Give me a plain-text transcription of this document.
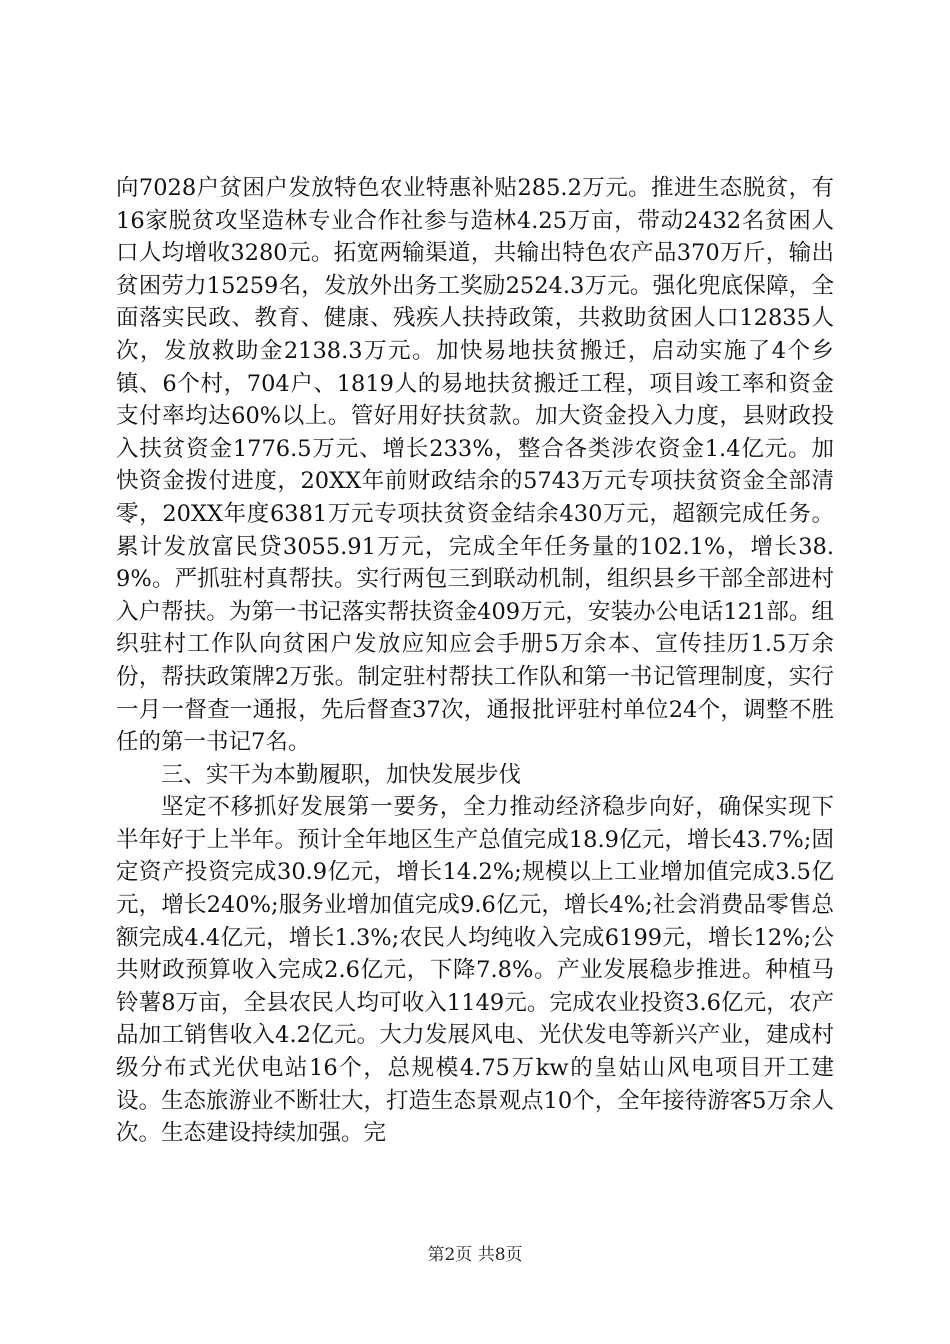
向7028户贫困户发放特色农业特惠补贴285.2万元。推进生态脱贫，有16家脱贫攻坚造林专业合作社参与造林4.25万亩，带动2432名贫困人口人均增收3280元。拓宽两输渠道，共输出特色农产品370万斤，输出贫困劳力15259名，发放外出务工奖励2524.3万元。强化兜底保障，全面落实民政、教育、健康、残疾人扶持政策，共救助贫困人口12835人次，发放救助金2138.3万元。加快易地扶贫搬迁，启动实施了4个乡镇、6个村，704户、1819人的易地扶贫搬迁工程，项目竣工率和资金支付率均达60%以上。管好用好扶贫款。加大资金投入力度，县财政投入扶贫资金1776.5万元、增长233%，整合各类涉农资金1.4亿元。加快资金拨付进度，20XX年前财政结余的5743万元专项扶贫资金全部清零，20XX年度6381万元专项扶贫资金结余430万元，超额完成任务。累计发放富民贷3055.91万元，完成全年任务量的102.1%，增长38.9%。严抓驻村真帮扶。实行两包三到联动机制，组织县乡干部全部进村入户帮扶。为第一书记落实帮扶资金409万元，安装办公电话121部。组织驻村工作队向贫困户发放应知应会手册5万余本、宣传挂历1.5万余份，帮扶政策牌2万张。制定驻村帮扶工作队和第一书记管理制度，实行一月一督查一通报，先后督查37次，通报批评驻村单位24个，调整不胜任的第一书记7名。

三、实干为本勤履职，加快发展步伐

坚定不移抓好发展第一要务，全力推动经济稳步向好，确保实现下半年好于上半年。预计全年地区生产总值完成18.9亿元，增长43.7%;固定资产投资完成30.9亿元，增长14.2%;规模以上工业增加值完成3.5亿元，增长240%;服务业增加值完成9.6亿元，增长4%;社会消费品零售总额完成4.4亿元，增长1.3%;农民人均纯收入完成6199元，增长12%;公共财政预算收入完成2.6亿元，下降7.8%。产业发展稳步推进。种植马铃薯8万亩，全县农民人均可收入1149元。完成农业投资3.6亿元，农产品加工销售收入4.2亿元。大力发展风电、光伏发电等新兴产业，建成村级分布式光伏电站16个，总规模4.75万kw的皇姑山风电项目开工建设。生态旅游业不断壮大，打造生态景观点10个，全年接待游客5万余人次。生态建设持续加强。完

第2页 共8页
